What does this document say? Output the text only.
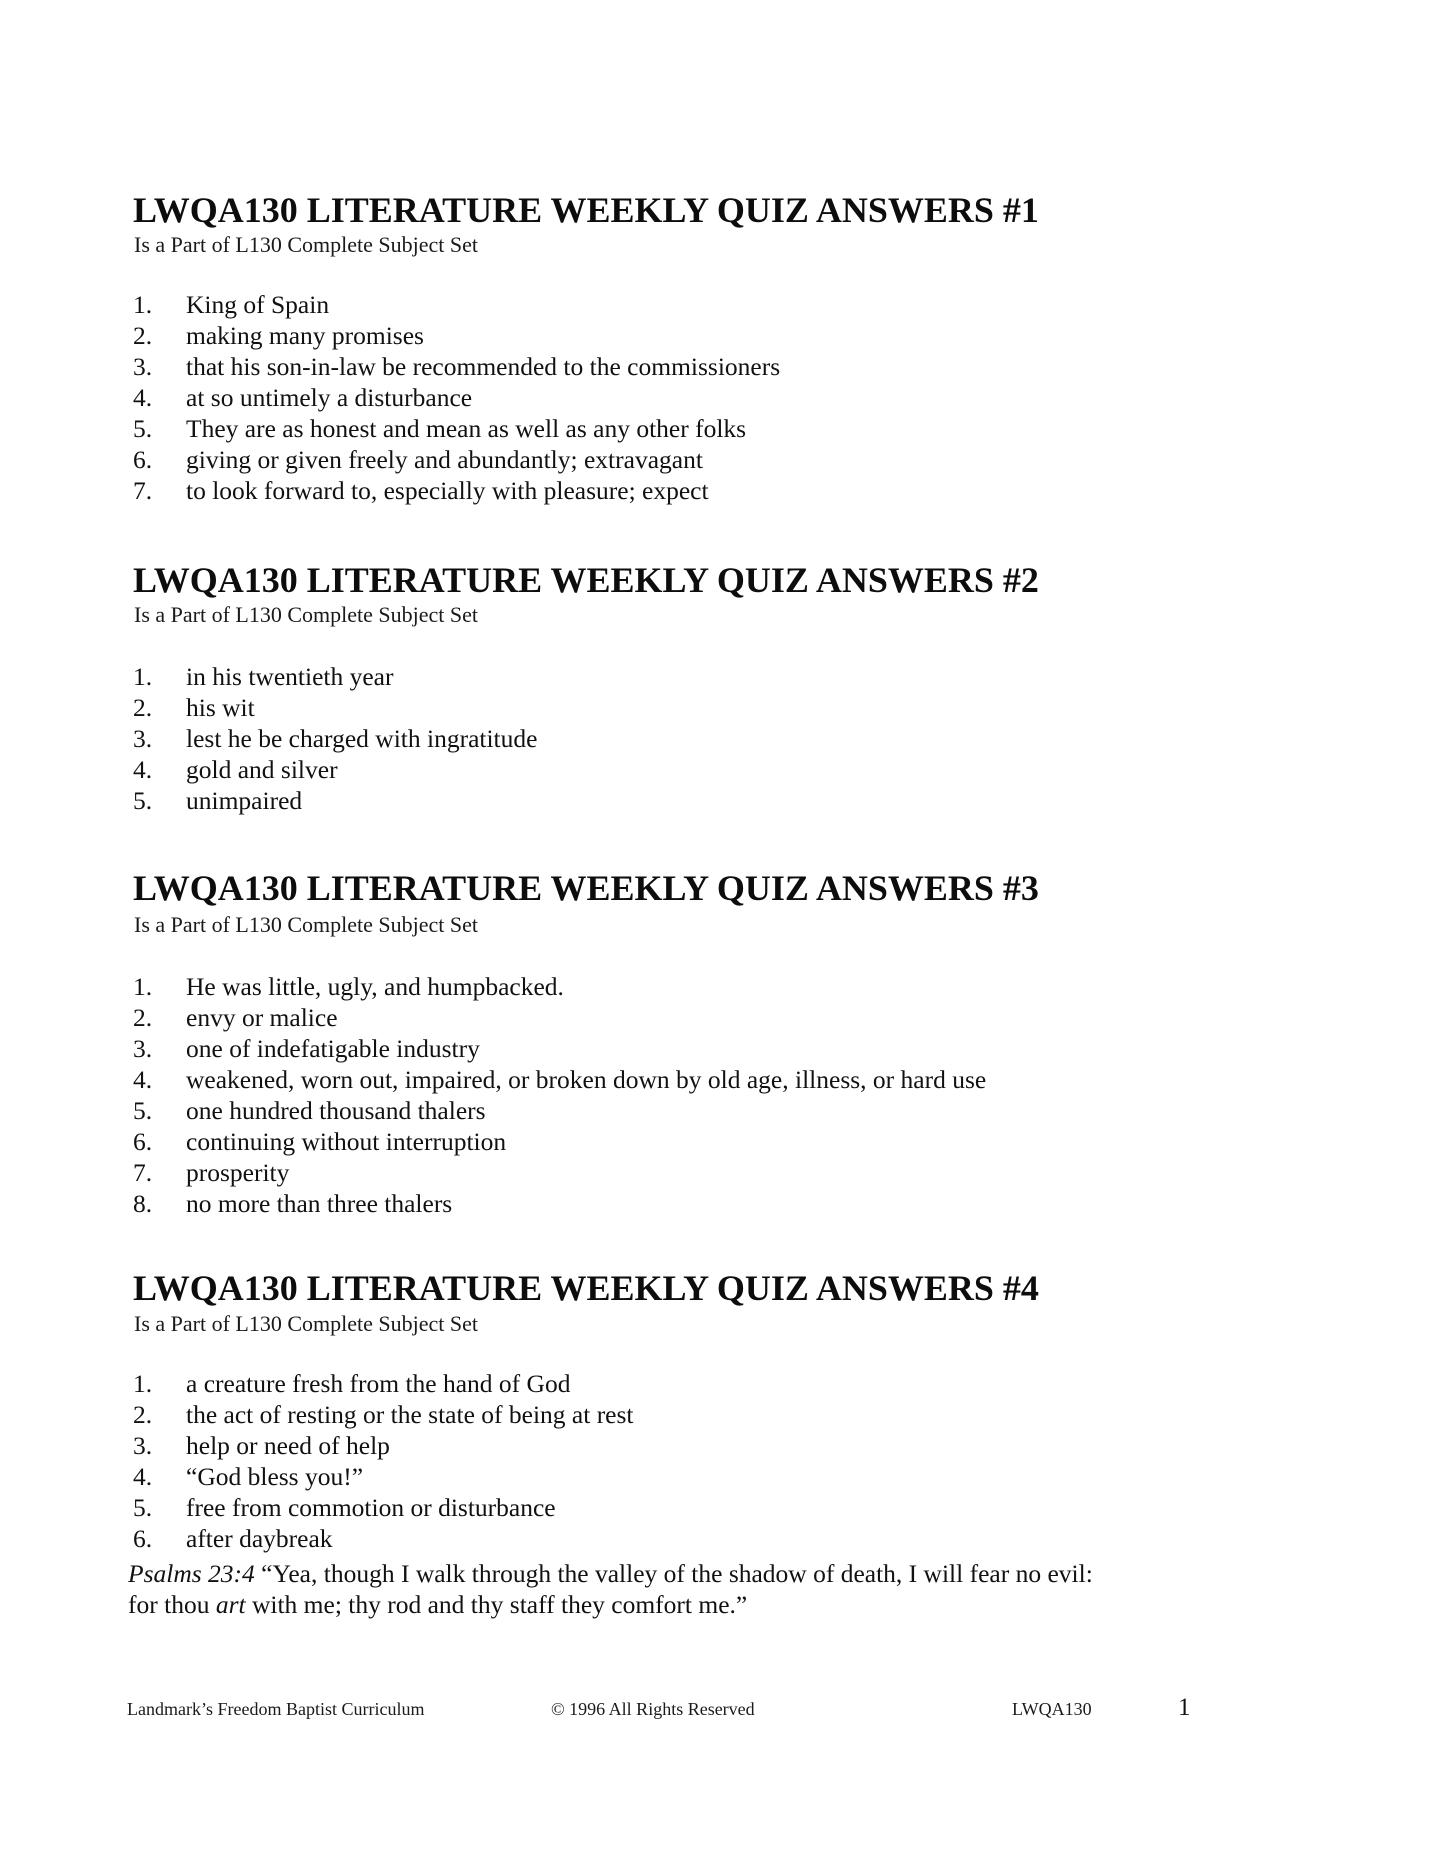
LWQA130 LITERATURE WEEKLY QUIZ ANSWERS #1
Is a Part of L130 Complete Subject Set
1. King of Spain
2. making many promises
3. that his son-in-law be recommended to the commissioners
4. at so untimely a disturbance
5. They are as honest and mean as well as any other folks
6. giving or given freely and abundantly; extravagant
7. to look forward to, especially with pleasure; expect
LWQA130 LITERATURE WEEKLY QUIZ ANSWERS #2
Is a Part of L130 Complete Subject Set
1. in his twentieth year
2. his wit
3. lest he be charged with ingratitude
4. gold and silver
5. unimpaired
LWQA130 LITERATURE WEEKLY QUIZ ANSWERS #3
Is a Part of L130 Complete Subject Set
1. He was little, ugly, and humpbacked.
2. envy or malice
3. one of indefatigable industry
4. weakened, worn out, impaired, or broken down by old age, illness, or hard use
5. one hundred thousand thalers
6. continuing without interruption
7. prosperity
8. no more than three thalers
LWQA130 LITERATURE WEEKLY QUIZ ANSWERS #4
Is a Part of L130 Complete Subject Set
1. a creature fresh from the hand of God
2. the act of resting or the state of being at rest
3. help or need of help
4. “God bless you!”
5. free from commotion or disturbance
6. after daybreak
Psalms 23:4 “Yea, though I walk through the valley of the shadow of death, I will fear no evil:
for thou art with me; thy rod and thy staff they comfort me.”
Landmark’s Freedom Baptist Curriculum	© 1996 All Rights Reserved	LWQA130	1
